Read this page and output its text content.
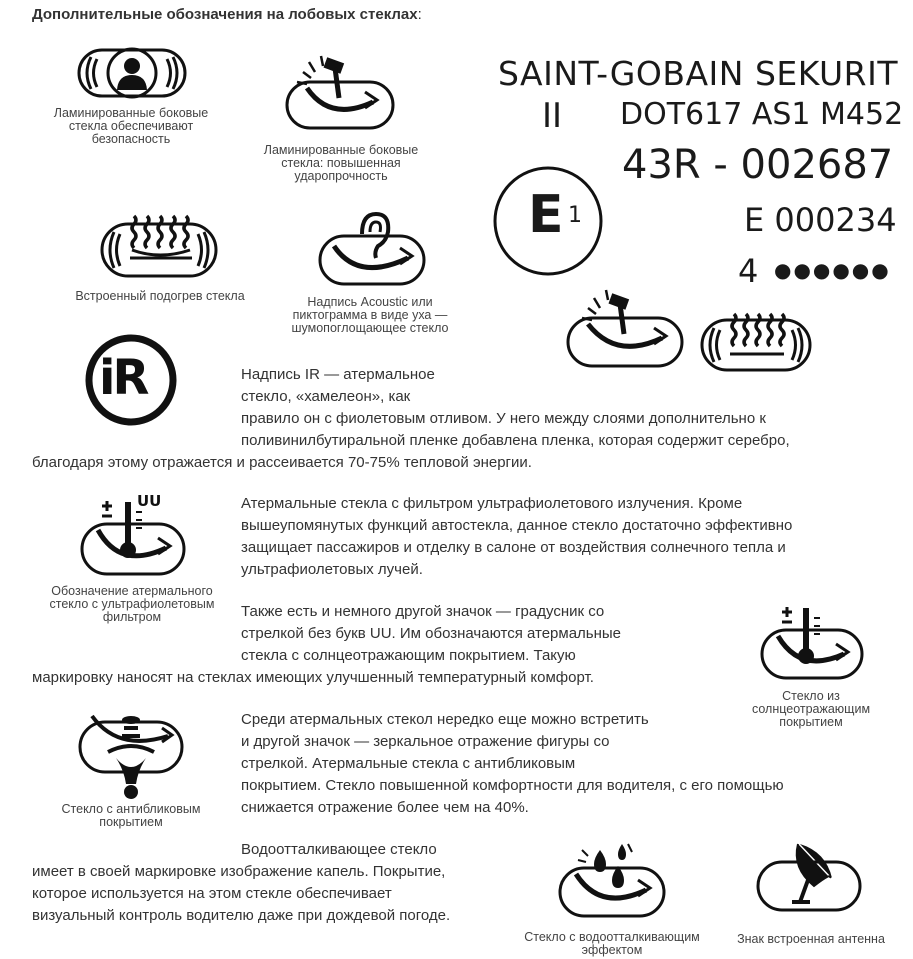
Дополнительные обозначения на лобовых стеклах:
Ламинированные боковые
стекла обеспечивают
безопасность
Ламинированные боковые
стекла: повышенная
ударопрочность
Встроенный подогрев стекла	Надпись Acoustic или
пиктограмма в виде уха —
шумопоглощающее стекло
SAINT-GOBAIN SEKURIT
II DOT617 AS1 M452
43R - 002687
E 1	E 000234
4 ●●●●●●
iR	Надпись IR — атермальное
стекло, «хамелеон», как
правило он с фиолетовым отливом. У него между слоями дополнительно к
поливинилбутиральной пленке добавлена пленка, которая содержит серебро,
благодаря этому отражается и рассеивается 70-75% тепловой энергии.
UU
Обозначение атермального
стекло с ультрафиолетовым
фильтром
Атермальные стекла с фильтром ультрафиолетового излучения. Кроме
вышеупомянутых функций автостекла, данное стекло достаточно эффективно
защищает пассажиров и отделку в салоне от воздействия солнечного тепла и
ультрафиолетовых лучей.
Также есть и немного другой значок — градусник со
стрелкой без букв UU. Им обозначаются атермальные
стекла с солнцеотражающим покрытием. Такую
маркировку наносят на стеклах имеющих улучшенный температурный комфорт.
Стекло из
солнцеотражающим
покрытием
Стекло с антибликовым
покрытием
Среди атермальных стекол нередко еще можно встретить
и другой значок — зеркальное отражение фигуры со
стрелкой. Атермальные стекла с антибликовым
покрытием. Стекло повышенной комфортности для водителя, с его помощью
снижается отражение более чем на 40%.
Водоотталкивающее стекло
имеет в своей маркировке изображение капель. Покрытие,
которое используется на этом стекле обеспечивает
визуальный контроль водителю даже при дождевой погоде.
Стекло с водоотталкивающим
эффектом
Знак встроенная антенна
